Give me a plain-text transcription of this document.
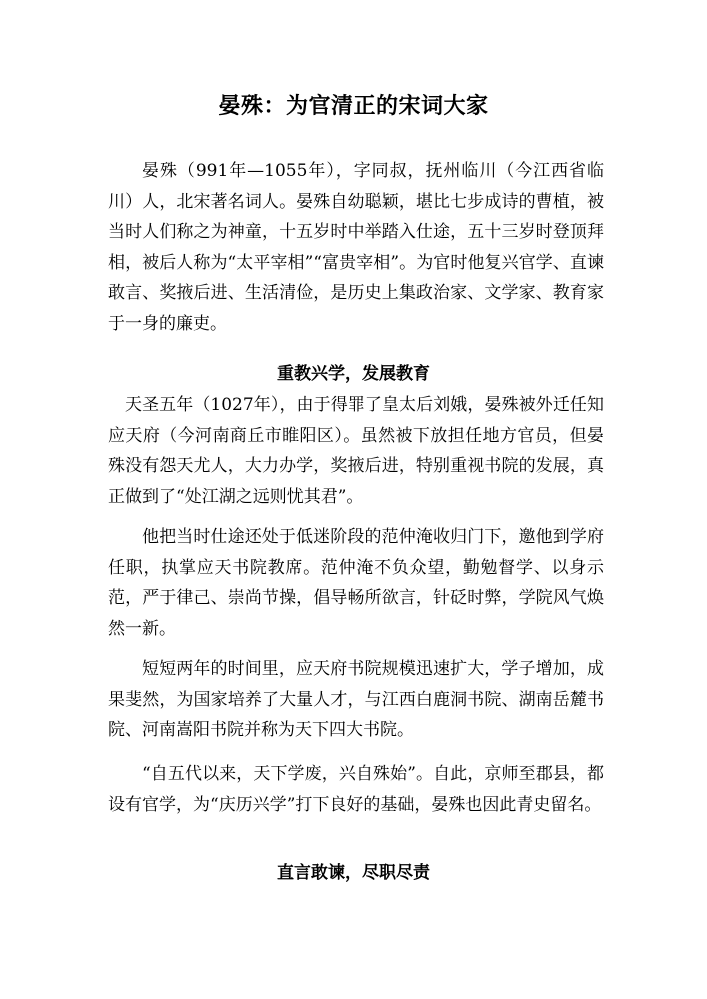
晏殊：为官清正的宋词大家

晏殊（991年—1055年），字同叔，抚州临川（今江西省临川）人，北宋著名词人。晏殊自幼聪颖，堪比七步成诗的曹植，被当时人们称之为神童，十五岁时中举踏入仕途，五十三岁时登顶拜相，被后人称为“太平宰相”“富贵宰相”。为官时他复兴官学、直谏敢言、奖掖后进、生活清俭，是历史上集政治家、文学家、教育家于一身的廉吏。

重教兴学，发展教育

天圣五年（1027年），由于得罪了皇太后刘娥，晏殊被外迁任知应天府（今河南商丘市睢阳区）。虽然被下放担任地方官员，但晏殊没有怨天尤人，大力办学，奖掖后进，特别重视书院的发展，真正做到了“处江湖之远则忧其君”。

他把当时仕途还处于低迷阶段的范仲淹收归门下，邀他到学府任职，执掌应天书院教席。范仲淹不负众望，勤勉督学、以身示范，严于律己、崇尚节操，倡导畅所欲言，针砭时弊，学院风气焕然一新。

短短两年的时间里，应天府书院规模迅速扩大，学子增加，成果斐然，为国家培养了大量人才，与江西白鹿洞书院、湖南岳麓书院、河南嵩阳书院并称为天下四大书院。

“自五代以来，天下学废，兴自殊始”。自此，京师至郡县，都设有官学，为“庆历兴学”打下良好的基础，晏殊也因此青史留名。

直言敢谏，尽职尽责
